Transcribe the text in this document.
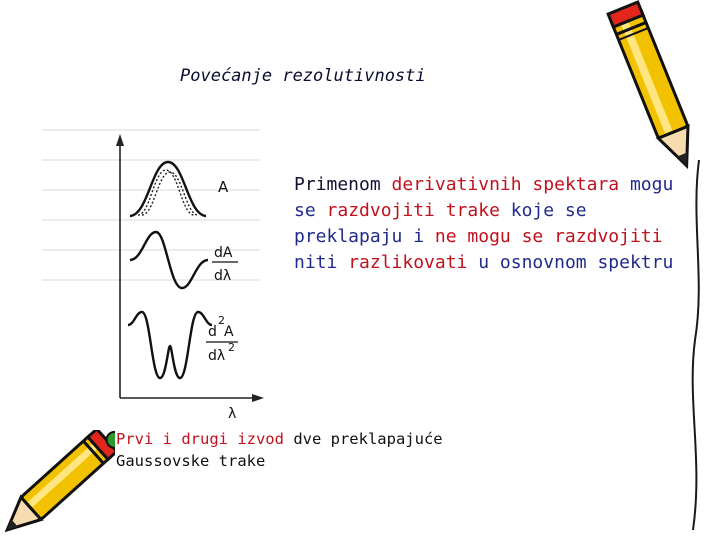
Povećanje rezolutivnosti
A
dA
dλ
2
d A
dλ
2
λ
Primenom derivativnih spektara mogu se razdvojiti trake koje se preklapaju i ne mogu se razdvojiti niti razlikovati u osnovnom spektru
Prvi i drugi izvod dve preklapajuće Gaussovske trake
